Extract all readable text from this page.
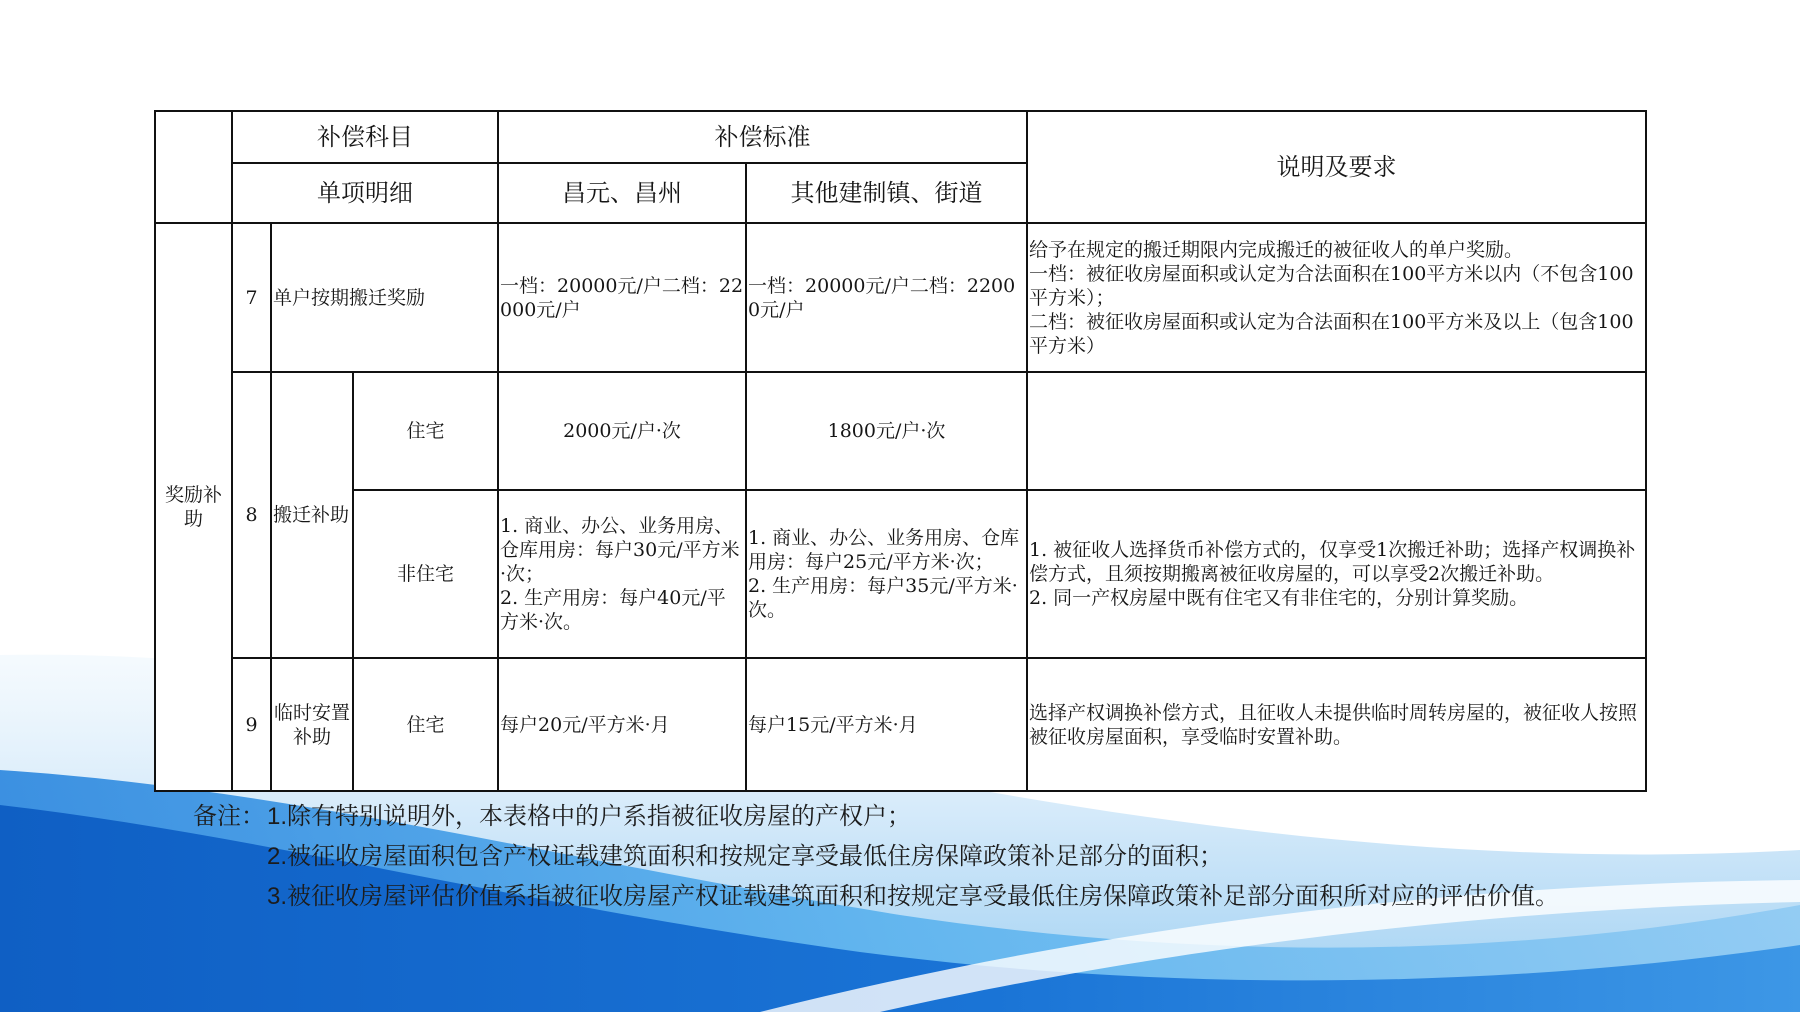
	补偿科目			补偿标准		说明及要求
	单项明细			昌元、昌州	其他建制镇、街道	
奖励补助	7	单户按期搬迁奖励		一档：20000元/户二档：22000元/户	一档：20000元/户二档：22000元/户	给予在规定的搬迁期限内完成搬迁的被征收人的单户奖励。
一档：被征收房屋面积或认定为合法面积在100平方米以内（不包含100平方米）；
二档：被征收房屋面积或认定为合法面积在100平方米及以上（包含100平方米）
	8	搬迁补助	住宅	2000元/户·次	1800元/户·次	
			非住宅	1. 商业、办公、业务用房、仓库用房：每户30元/平方米·次；
2. 生产用房：每户40元/平方米·次。	1. 商业、办公、业务用房、仓库用房：每户25元/平方米·次；
2. 生产用房：每户35元/平方米·次。	1. 被征收人选择货币补偿方式的，仅享受1次搬迁补助；选择产权调换补偿方式，且须按期搬离被征收房屋的，可以享受2次搬迁补助。
2. 同一产权房屋中既有住宅又有非住宅的，分别计算奖励。
	9	临时安置补助	住宅	每户20元/平方米·月	每户15元/平方米·月	选择产权调换补偿方式，且征收人未提供临时周转房屋的，被征收人按照被征收房屋面积，享受临时安置补助。
备注： 1.除有特别说明外，本表格中的户系指被征收房屋的产权户；
2.被征收房屋面积包含产权证载建筑面积和按规定享受最低住房保障政策补足部分的面积；
3.被征收房屋评估价值系指被征收房屋产权证载建筑面积和按规定享受最低住房保障政策补足部分面积所对应的评估价值。
